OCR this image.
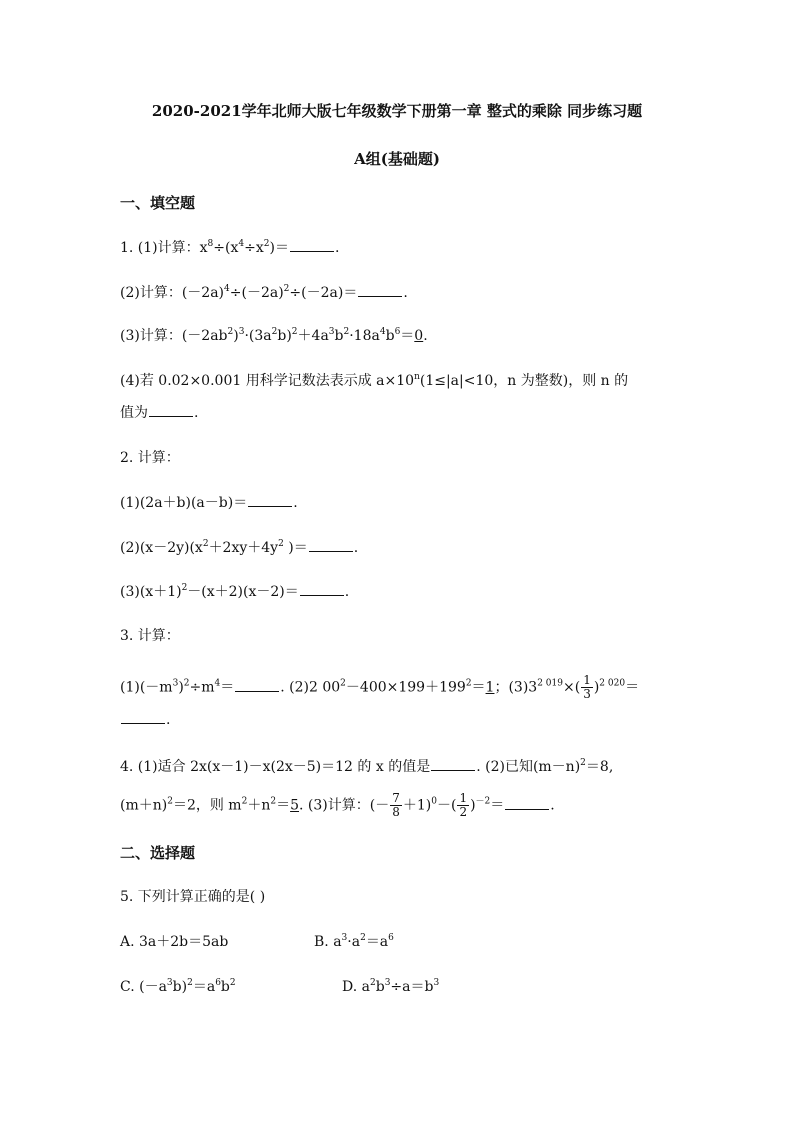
2020-2021学年北师大版七年级数学下册第一章 整式的乘除 同步练习题
A组(基础题)
一、填空题
1. (1)计算：$x^8\div(x^4\div x^2)=$	.
(2)计算：$(-2a)^4\div(-2a)^2\div(-2a)=$	.
(3)计算：$(-2ab^2)^3\cdot(3a^2b)^2+4a^3b^2\cdot 18a^4b^6=0$.
(4)若 0.02×0.001 用科学记数法表示成 $a\times 10^n(1\le|a|<10$，n 为整数)，则 n 的
值为	.
2. 计算：
(1)(2a＋b)(a－b)＝	.
$(2)(x-2y)(x^2+2xy+4y^2$ )＝	.
$(3)(x+1)^2-(x+2)(x-2)=$	.
3. 计算：
$(1)(-m^3)^2\div m^4=$	. (2)2 $00^2-400\times 199+199^2=1$；$(3)3^{2 019}\times( \frac{1}{3} )^{2 020}=$
.
4. (1)适合 2x(x－1)－x(2x－5)＝12 的 x 的值是	. (2)已知$(m-n)^2=8$,
$(m+n)^2=2$，则 $m^2+n^2=5$. (3)计算：(－ $\frac{7}{8} +1)^0-( \frac{1}{2} )^{-2}=$	.
二、选择题
5. 下列计算正确的是( )
A. 3a＋2b＝5ab	B. $a^3\cdot a^2=a^6$
C. $(-a^3b)^2=a^6b^2$	D. $a^2b^3\div a=b^3$
